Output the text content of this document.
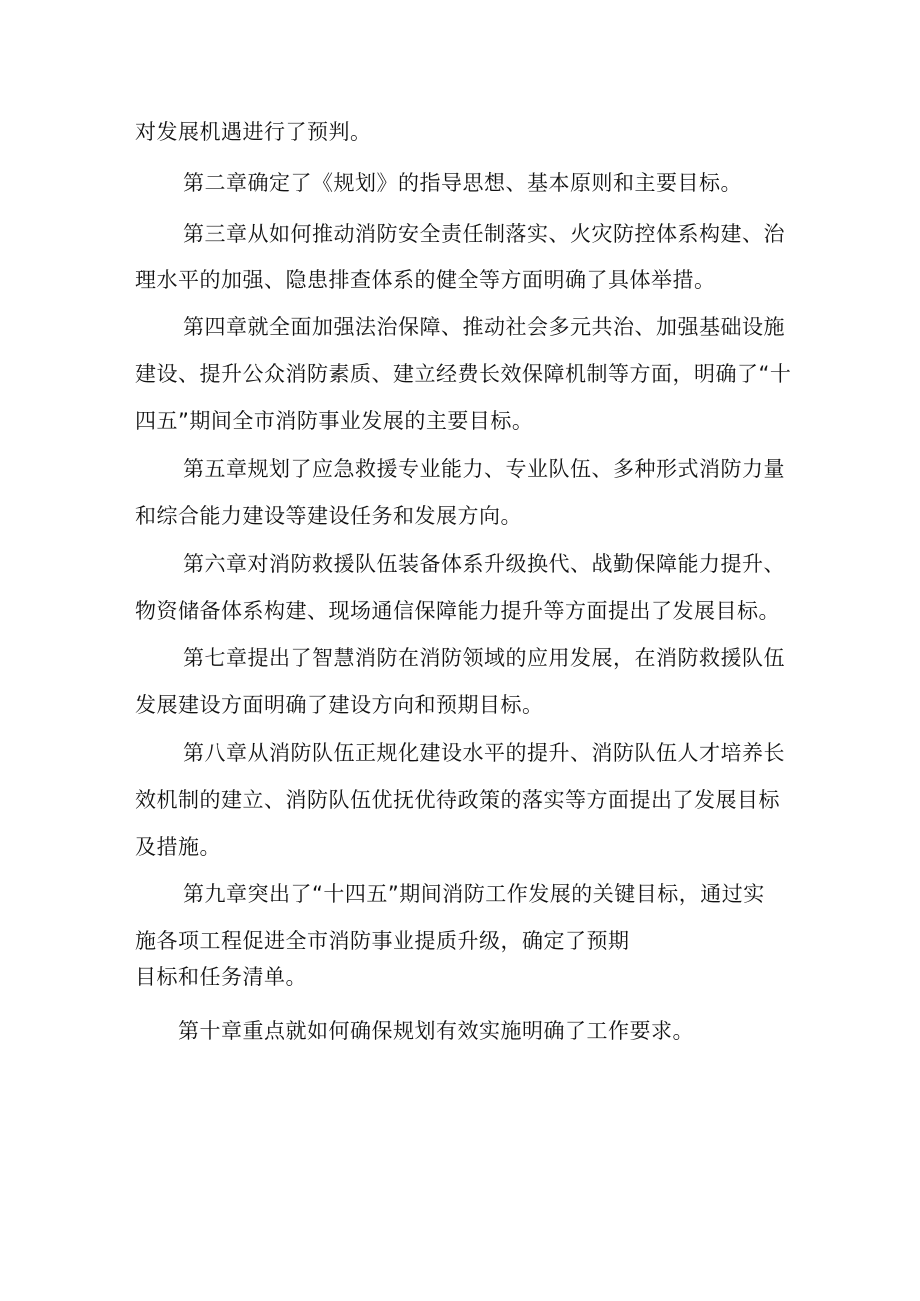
对发展机遇进行了预判。
第二章确定了《规划》的指导思想、基本原则和主要目标。
第三章从如何推动消防安全责任制落实、火灾防控体系构建、治
理水平的加强、隐患排查体系的健全等方面明确了具体举措。
第四章就全面加强法治保障、推动社会多元共治、加强基础设施
建设、提升公众消防素质、建立经费长效保障机制等方面，明确了“十
四五”期间全市消防事业发展的主要目标。
第五章规划了应急救援专业能力、专业队伍、多种形式消防力量
和综合能力建设等建设任务和发展方向。
第六章对消防救援队伍装备体系升级换代、战勤保障能力提升、
物资储备体系构建、现场通信保障能力提升等方面提出了发展目标。
第七章提出了智慧消防在消防领域的应用发展，在消防救援队伍
发展建设方面明确了建设方向和预期目标。
第八章从消防队伍正规化建设水平的提升、消防队伍人才培养长
效机制的建立、消防队伍优抚优待政策的落实等方面提出了发展目标
及措施。
第九章突出了“十四五”期间消防工作发展的关键目标，通过实
施各项工程促进全市消防事业提质升级，确定了预期
目标和任务清单。
第十章重点就如何确保规划有效实施明确了工作要求。
